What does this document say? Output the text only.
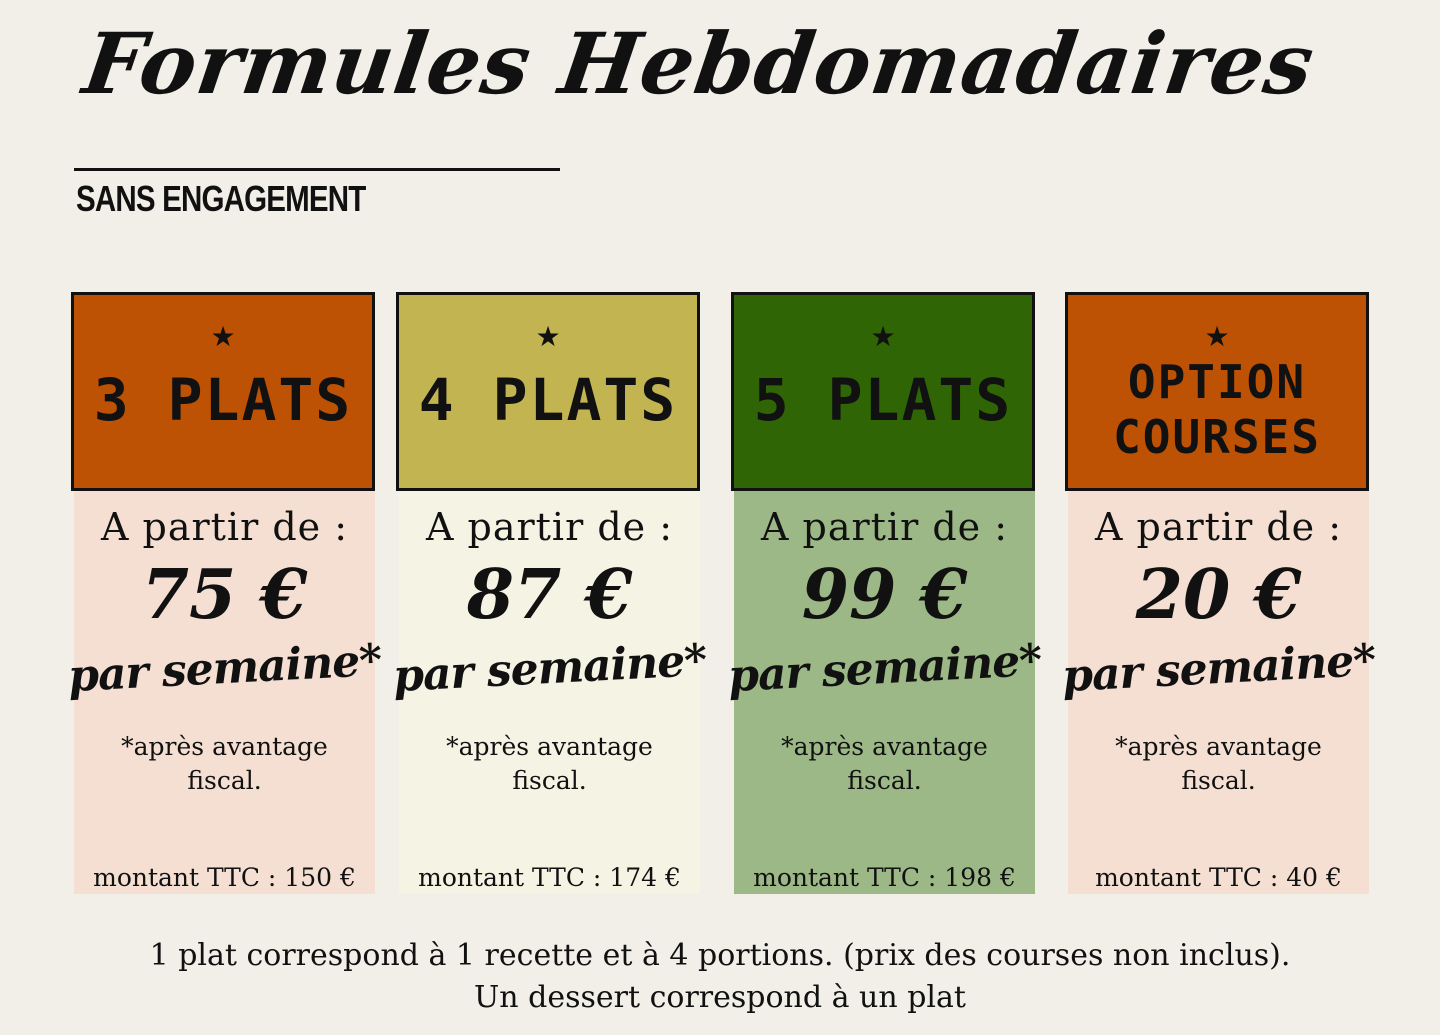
Formules Hebdomadaires
SANS ENGAGEMENT
★
3 PLATS
A partir de :
75 €
par semaine*
*après avantage fiscal.
montant TTC : 150 €
★
4 PLATS
A partir de :
87 €
par semaine*
*après avantage fiscal.
montant TTC : 174 €
★
5 PLATS
A partir de :
99 €
par semaine*
*après avantage fiscal.
montant TTC : 198 €
★
OPTION COURSES
A partir de :
20 €
par semaine*
*après avantage fiscal.
montant TTC : 40 €
1 plat correspond à 1 recette et à 4 portions. (prix des courses non inclus).
Un dessert correspond à un plat
